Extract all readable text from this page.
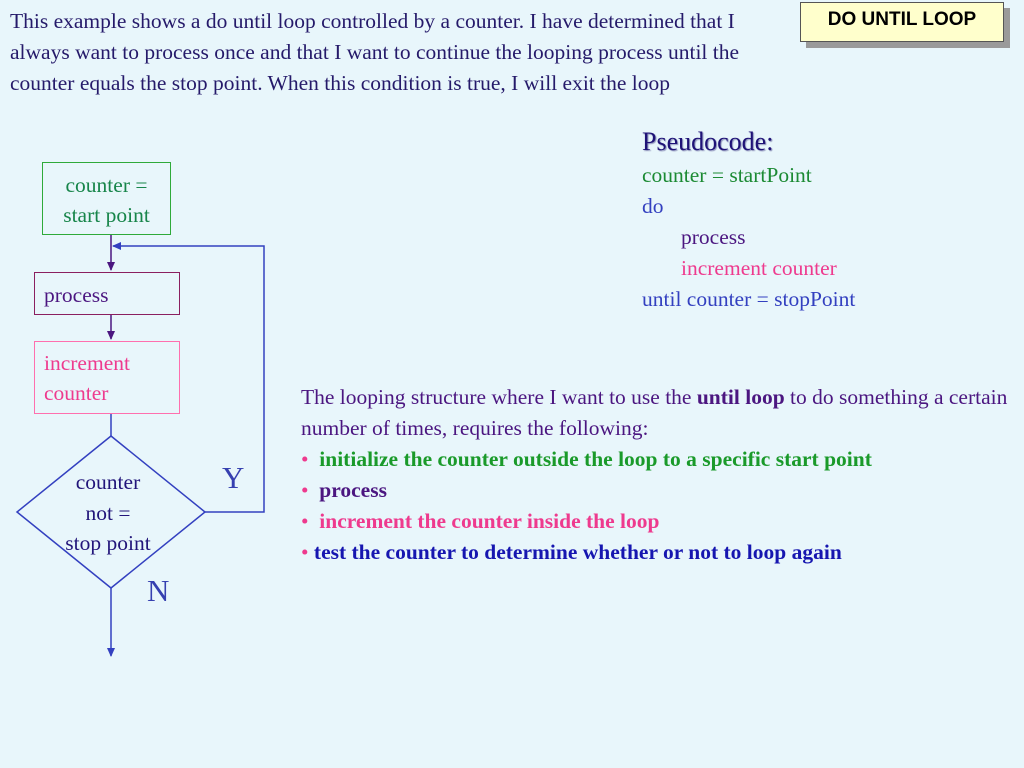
DO UNTIL LOOP

This example shows a do until loop controlled by a counter. I have determined that I always want to process once and that I want to continue the looping process until the counter equals the stop point. When this condition is true, I will exit the loop

counter =
start point
process
increment
counter
counter
not =
stop point
Y
N
Pseudocode:
counter = startPoint
do
process
increment counter
until counter = stopPoint

The looping structure where I want to use the until loop to do something a certain number of times, requires the following:

• initialize the counter outside the loop to a specific start point

• process

• increment the counter inside the loop

• test the counter to determine whether or not to loop again
